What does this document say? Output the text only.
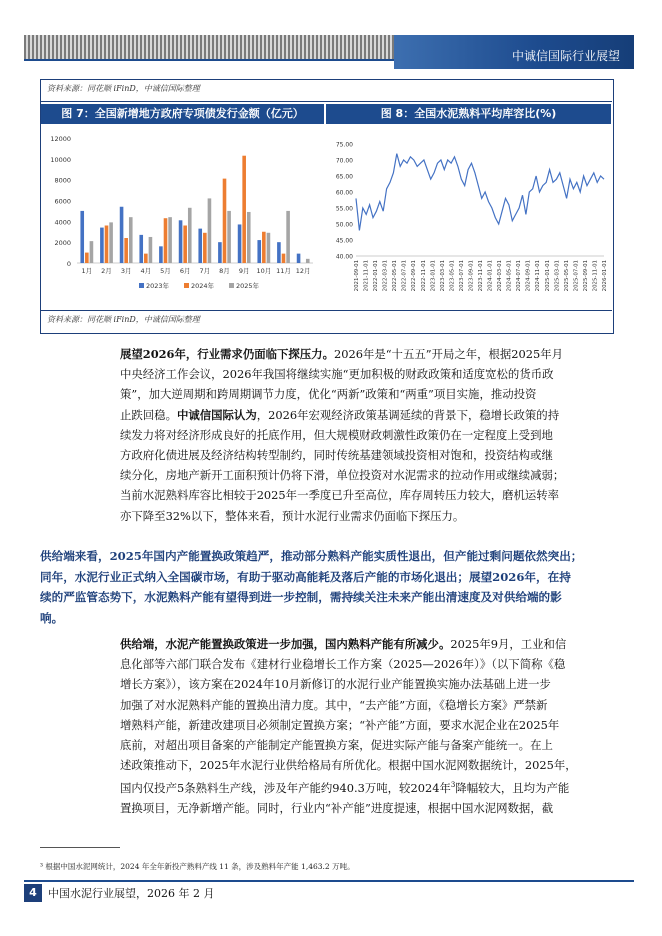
中诚信国际行业展望
资料来源：同花顺 iFinD，中诚信国际整理
图 7：全国新增地方政府专项债发行金额（亿元）	图 8：全国水泥熟料平均库容比(%)
0
2000
4000
6000
8000
10000
12000
1月 2月 3月 4月 5月 6月 7月 8月 9月 10月 11月 12月
2023年	2024年	2025年
40.00
45.00
50.00
55.00
60.00
65.00
70.00
75.00
2021-09-01 2021-11-01 2022-01-01 2022-03-01 2022-05-01 2022-07-01 2022-09-01 2022-11-01 2023-01-01 2023-03-01 2023-05-01 2023-07-01 2023-09-01 2023-11-01 2024-01-01 2024-03-01 2024-05-01 2024-07-01 2024-09-01 2024-11-01 2025-01-01 2025-03-01 2025-05-01 2025-07-01 2025-09-01 2025-11-01 2026-01-01
资料来源：同花顺 iFinD，中诚信国际整理
展望2026年，行业需求仍面临下探压力。2026年是“十五五”开局之年，根据2025年月
中央经济工作会议，2026年我国将继续实施“更加积极的财政政策和适度宽松的货币政
策”，加大逆周期和跨周期调节力度，优化“两新”政策和“两重”项目实施，推动投资
止跌回稳。中诚信国际认为，2026年宏观经济政策基调延续的背景下，稳增长政策的持
续发力将对经济形成良好的托底作用，但大规模财政刺激性政策仍在一定程度上受到地
方政府化债进展及经济结构转型制约，同时传统基建领域投资相对饱和，投资结构或继
续分化，房地产新开工面积预计仍将下滑，单位投资对水泥需求的拉动作用或继续减弱；
当前水泥熟料库容比相较于2025年一季度已升至高位，库存周转压力较大，磨机运转率
亦下降至32%以下，整体来看，预计水泥行业需求仍面临下探压力。
供给端来看，2025年国内产能置换政策趋严，推动部分熟料产能实质性退出，但产能过剩问题依然突出；
同年，水泥行业正式纳入全国碳市场，有助于驱动高能耗及落后产能的市场化退出；展望2026年，在持
续的严监管态势下，水泥熟料产能有望得到进一步控制，需持续关注未来产能出清速度及对供给端的影
响。
供给端，水泥产能置换政策进一步加强，国内熟料产能有所减少。2025年9月，工业和信
息化部等六部门联合发布《建材行业稳增长工作方案（2025—2026年）》（以下简称《稳
增长方案》），该方案在2024年10月新修订的水泥行业产能置换实施办法基础上进一步
加强了对水泥熟料产能的置换出清力度。其中，“去产能”方面，《稳增长方案》严禁新
增熟料产能，新建改建项目必须制定置换方案；“补产能”方面，要求水泥企业在2025年
底前，对超出项目备案的产能制定产能置换方案，促进实际产能与备案产能统一。在上
述政策推动下，2025年水泥行业供给格局有所优化。根据中国水泥网数据统计，2025年，
国内仅投产5条熟料生产线，涉及年产能约940.3万吨，较2024年$^3$降幅较大，且均为产能
置换项目，无净新增产能。同时，行业内“补产能”进度提速，根据中国水泥网数据，截
³ 根据中国水泥网统计，2024 年全年新投产熟料产线 11 条，涉及熟料年产能 1,463.2 万吨。
4	中国水泥行业展望，2026 年 2 月
